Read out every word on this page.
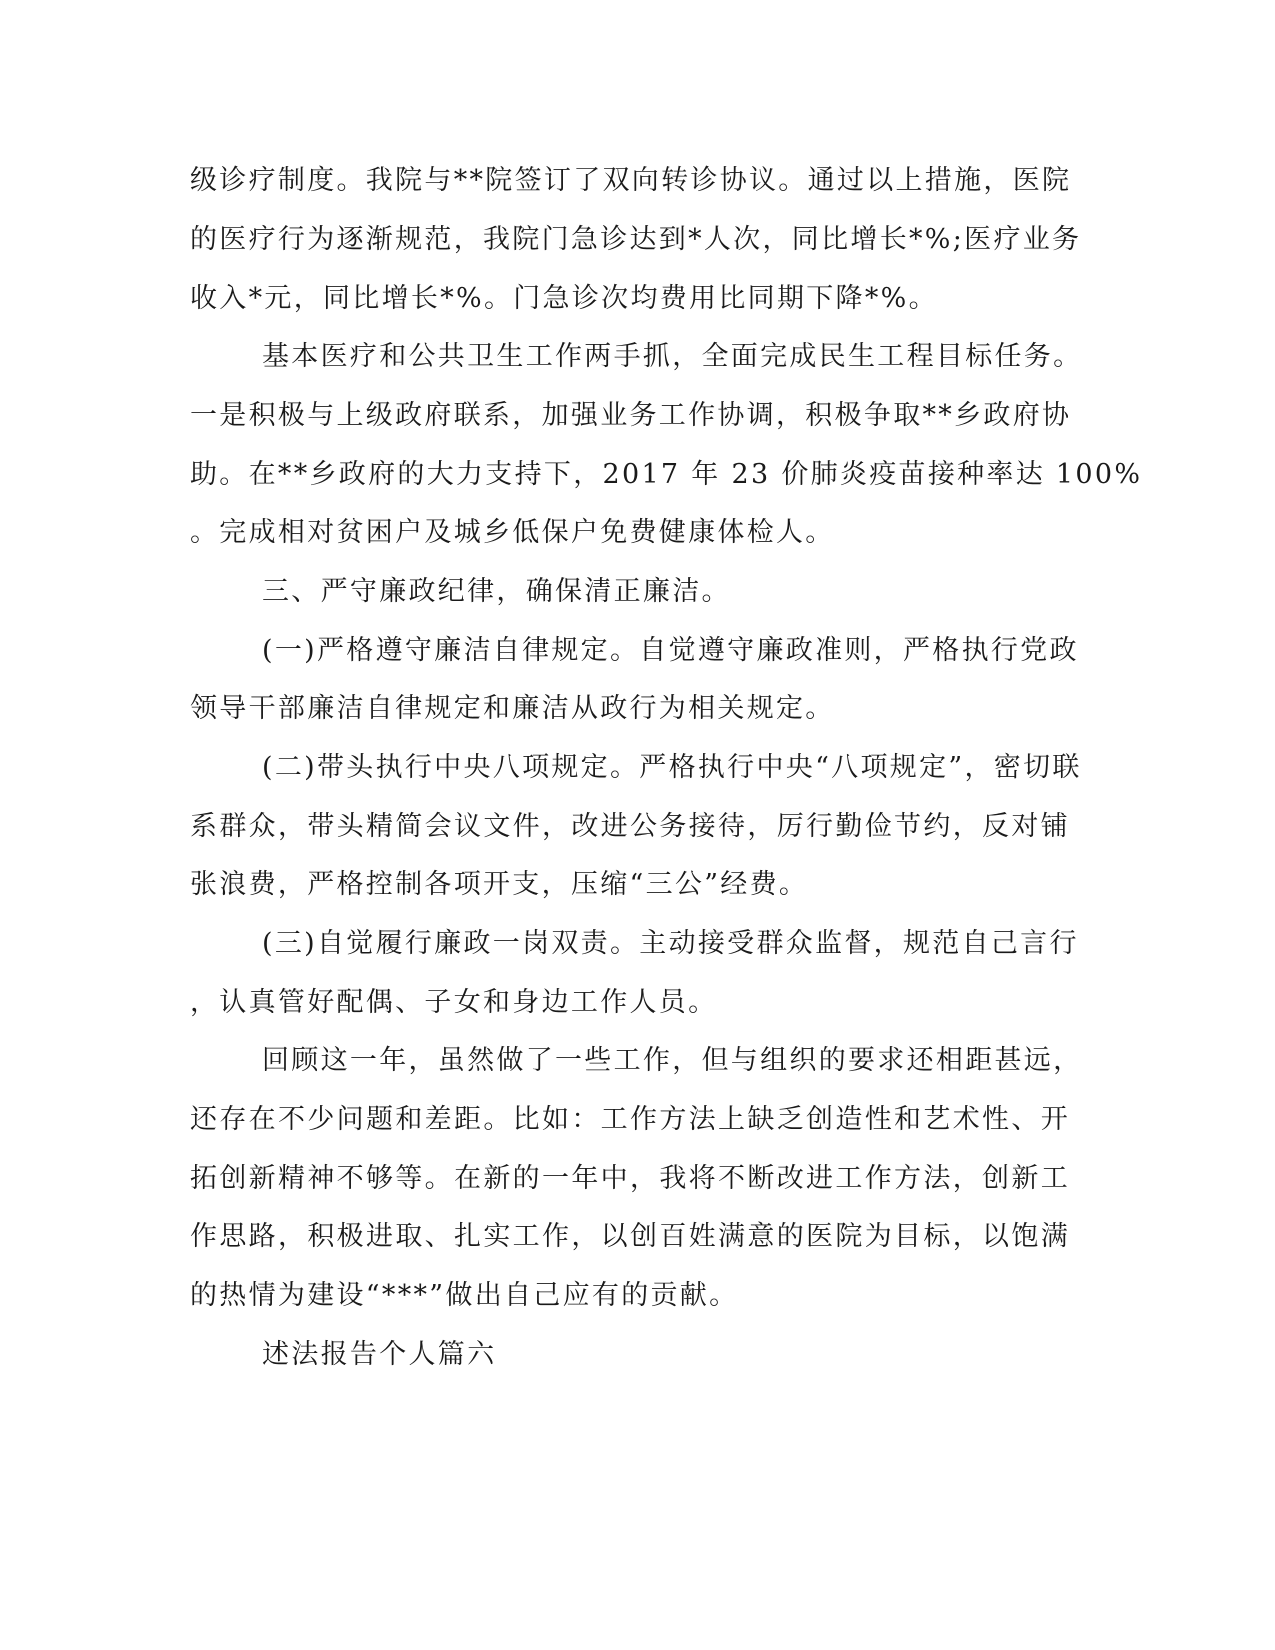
级诊疗制度。我院与**院签订了双向转诊协议。通过以上措施，医院
的医疗行为逐渐规范，我院门急诊达到*人次，同比增长*%;医疗业务
收入*元，同比增长*%。门急诊次均费用比同期下降*%。
基本医疗和公共卫生工作两手抓，全面完成民生工程目标任务。
一是积极与上级政府联系，加强业务工作协调，积极争取**乡政府协
助。在**乡政府的大力支持下，2017 年 23 价肺炎疫苗接种率达 100%
。完成相对贫困户及城乡低保户免费健康体检人。
三、严守廉政纪律，确保清正廉洁。
(一)严格遵守廉洁自律规定。自觉遵守廉政准则，严格执行党政
领导干部廉洁自律规定和廉洁从政行为相关规定。
(二)带头执行中央八项规定。严格执行中央“八项规定”，密切联
系群众，带头精简会议文件，改进公务接待，厉行勤俭节约，反对铺
张浪费，严格控制各项开支，压缩“三公”经费。
(三)自觉履行廉政一岗双责。主动接受群众监督，规范自己言行
，认真管好配偶、子女和身边工作人员。
回顾这一年，虽然做了一些工作，但与组织的要求还相距甚远，
还存在不少问题和差距。比如：工作方法上缺乏创造性和艺术性、开
拓创新精神不够等。在新的一年中，我将不断改进工作方法，创新工
作思路，积极进取、扎实工作，以创百姓满意的医院为目标，以饱满
的热情为建设“***”做出自己应有的贡献。
述法报告个人篇六
